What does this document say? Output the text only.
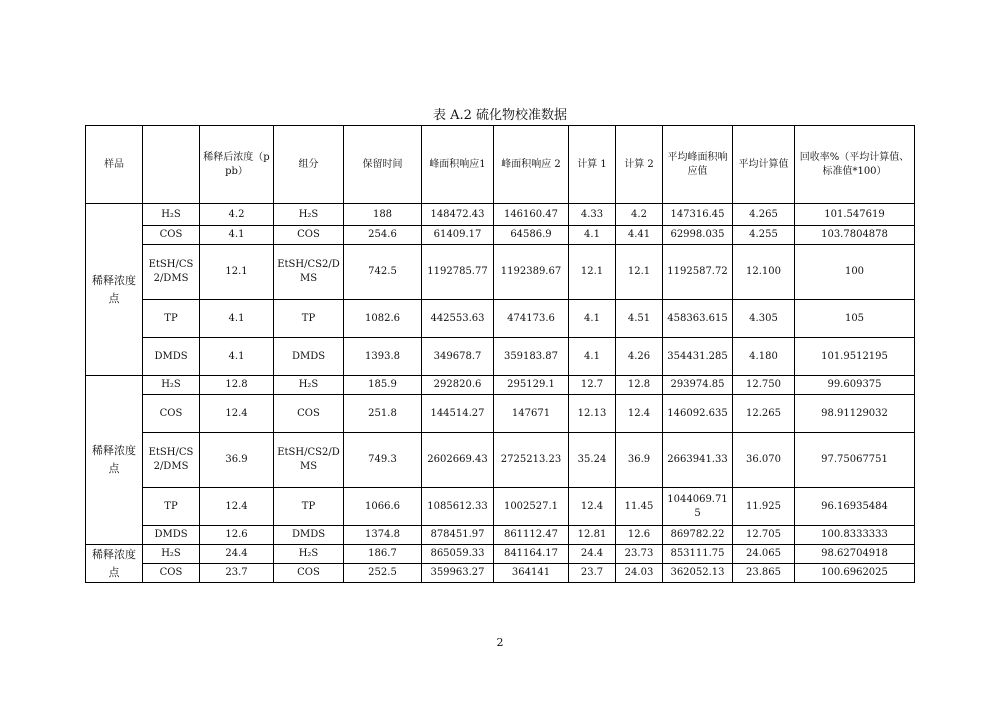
表 A.2 硫化物校准数据
样品		稀释后浓度（ppb）	组分	保留时间	峰面积响应1	峰面积响应 2	计算 1	计算 2	平均峰面积响应值	平均计算值	回收率%（平均计算值、标准值*100）
稀释浓度点	H₂S	4.2	H₂S	188	148472.43	146160.47	4.33	4.2	147316.45	4.265	101.547619
	COS	4.1	COS	254.6	61409.17	64586.9	4.1	4.41	62998.035	4.255	103.7804878
	EtSH/CS2/DMS	12.1	EtSH/CS2/DMS	742.5	1192785.77	1192389.67	12.1	12.1	1192587.72	12.100	100
	TP	4.1	TP	1082.6	442553.63	474173.6	4.1	4.51	458363.615	4.305	105
	DMDS	4.1	DMDS	1393.8	349678.7	359183.87	4.1	4.26	354431.285	4.180	101.9512195
稀释浓度点	H₂S	12.8	H₂S	185.9	292820.6	295129.1	12.7	12.8	293974.85	12.750	99.609375
	COS	12.4	COS	251.8	144514.27	147671	12.13	12.4	146092.635	12.265	98.91129032
	EtSH/CS2/DMS	36.9	EtSH/CS2/DMS	749.3	2602669.43	2725213.23	35.24	36.9	2663941.33	36.070	97.75067751
	TP	12.4	TP	1066.6	1085612.33	1002527.1	12.4	11.45	1044069.715	11.925	96.16935484
	DMDS	12.6	DMDS	1374.8	878451.97	861112.47	12.81	12.6	869782.22	12.705	100.8333333
稀释浓度点	H₂S	24.4	H₂S	186.7	865059.33	841164.17	24.4	23.73	853111.75	24.065	98.62704918
	COS	23.7	COS	252.5	359963.27	364141	23.7	24.03	362052.13	23.865	100.6962025
2
